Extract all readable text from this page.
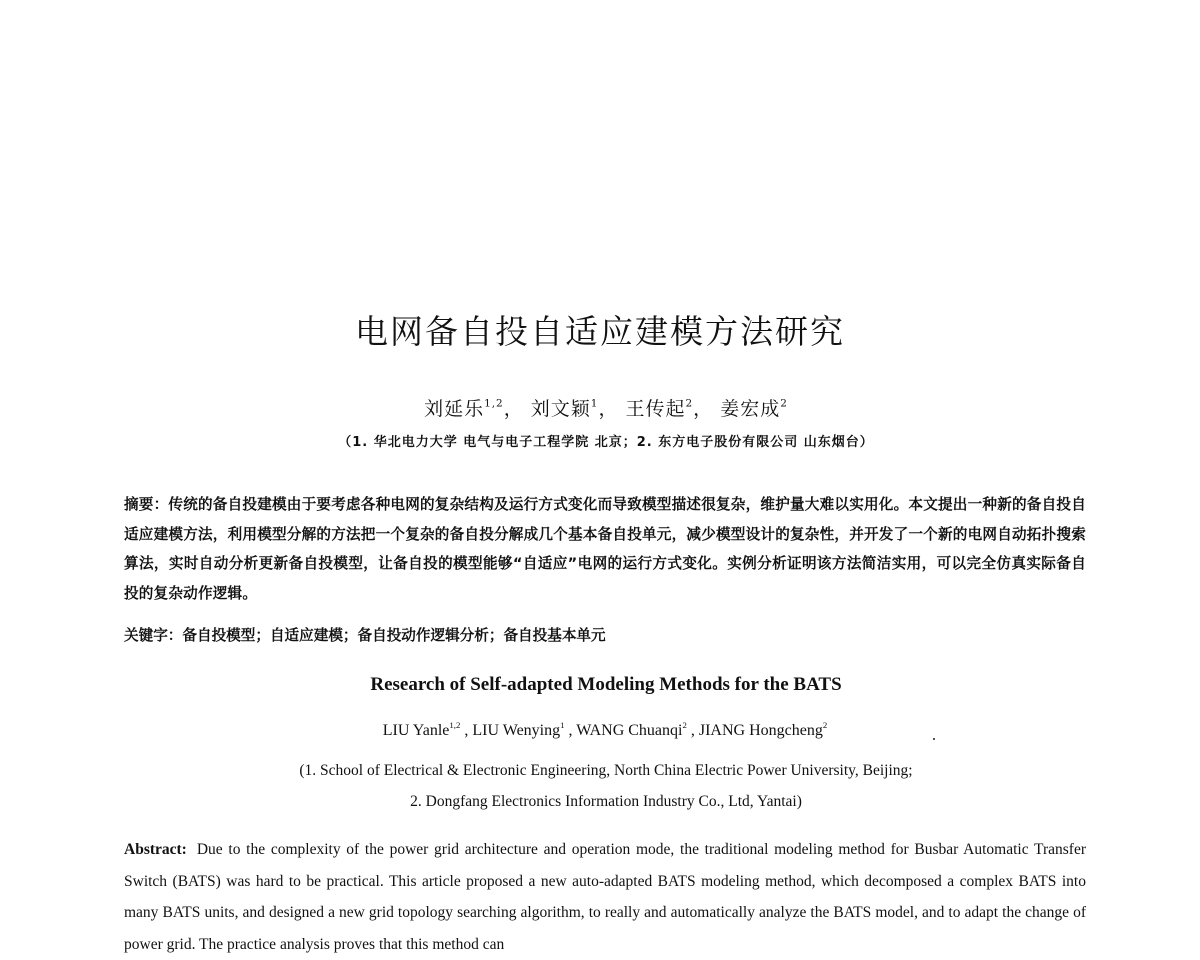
电网备自投自适应建模方法研究
刘延乐$^{1,2}$， 刘文颖$^1$， 王传起$^2$， 姜宏成$^2$
（1. 华北电力大学 电气与电子工程学院 北京；2. 东方电子股份有限公司 山东烟台）
摘要：传统的备自投建模由于要考虑各种电网的复杂结构及运行方式变化而导致模型描述很复杂，维护量大难以实用化。本文提出一种新的备自投自适应建模方法，利用模型分解的方法把一个复杂的备自投分解成几个基本备自投单元，减少模型设计的复杂性，并开发了一个新的电网自动拓扑搜索算法，实时自动分析更新备自投模型，让备自投的模型能够“自适应”电网的运行方式变化。实例分析证明该方法简洁实用，可以完全仿真实际备自投的复杂动作逻辑。
关键字：备自投模型；自适应建模；备自投动作逻辑分析；备自投基本单元
Research of Self-adapted Modeling Methods for the BATS
LIU Yanle$^{1,2}$ , LIU Wenying$^1$ , WANG Chuanqi$^2$ , JIANG Hongcheng$^2$
(1. School of Electrical & Electronic Engineering, North China Electric Power University, Beijing;
2. Dongfang Electronics Information Industry Co., Ltd, Yantai)
Abstract: Due to the complexity of the power grid architecture and operation mode, the traditional modeling method for Busbar Automatic Transfer Switch (BATS) was hard to be practical. This article proposed a new auto-adapted BATS modeling method, which decomposed a complex BATS into many BATS units, and designed a new grid topology searching algorithm, to really and automatically analyze the BATS model, and to adapt the change of power grid. The practice analysis proves that this method can
